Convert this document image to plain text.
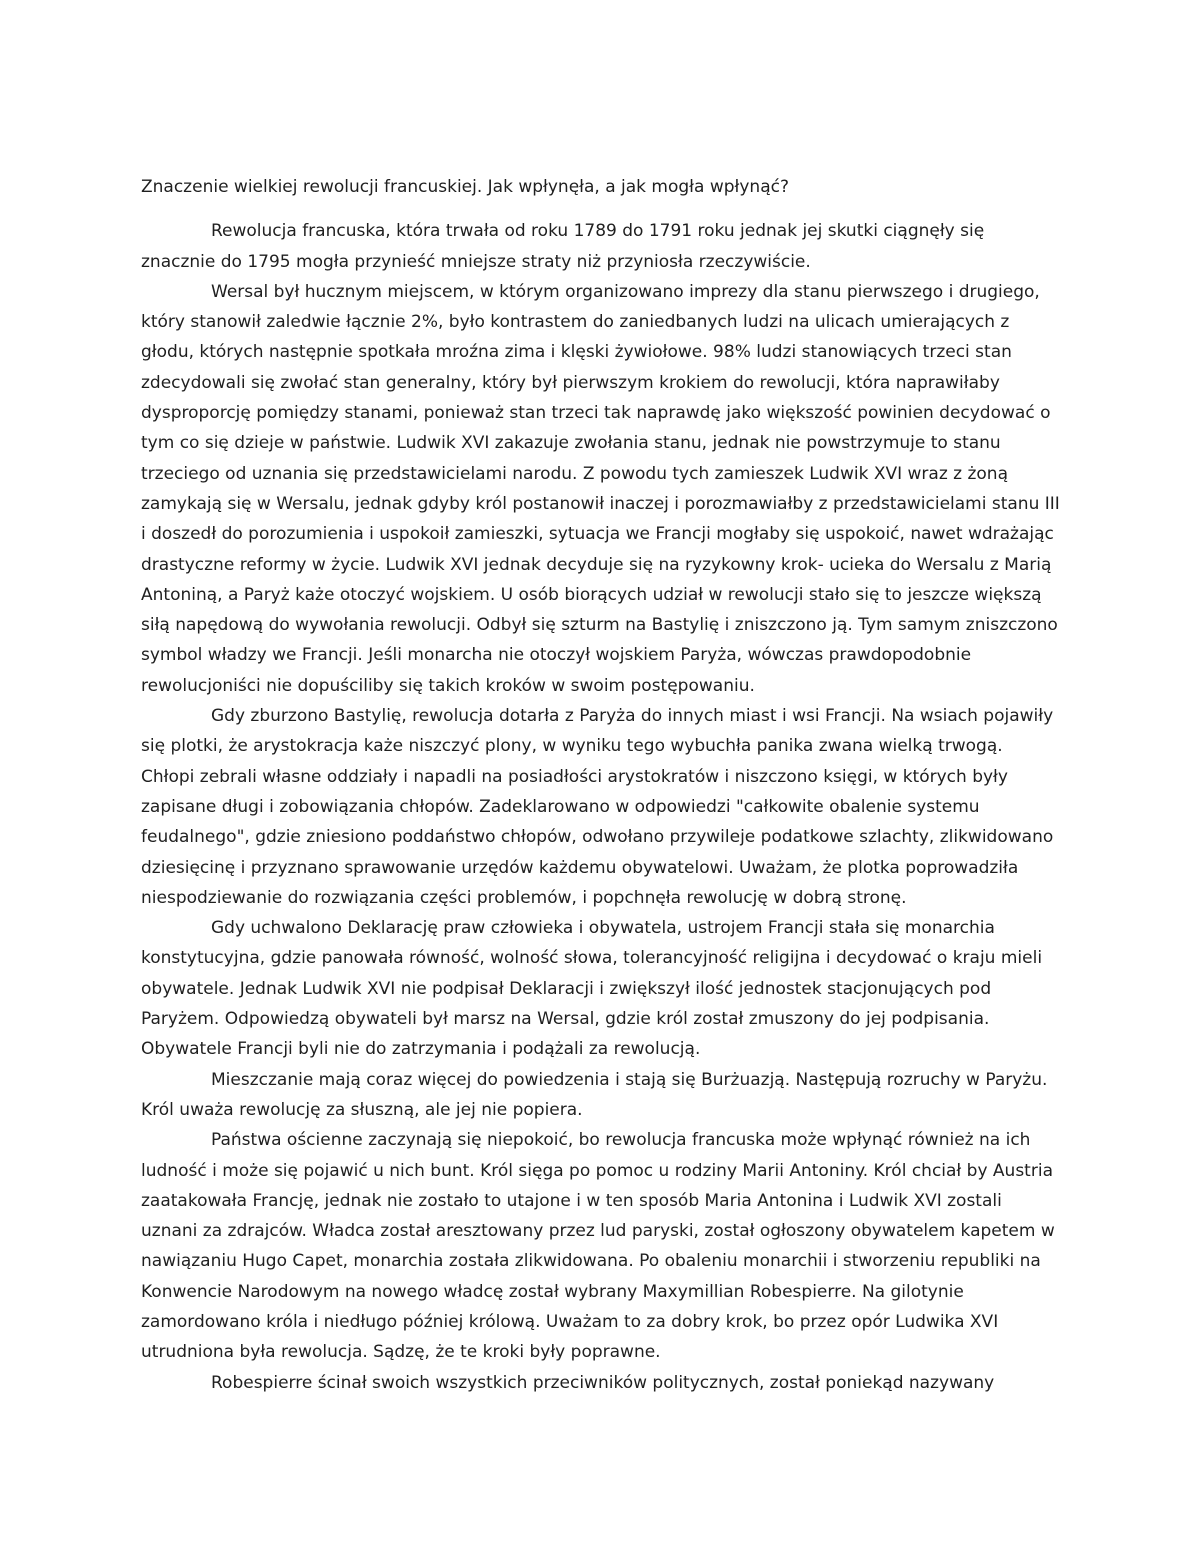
Znaczenie wielkiej rewolucji francuskiej. Jak wpłynęła, a jak mogła wpłynąć?

Rewolucja francuska, która trwała od roku 1789 do 1791 roku jednak jej skutki ciągnęły się znacznie do 1795 mogła przynieść mniejsze straty niż przyniosła rzeczywiście.

Wersal był hucznym miejscem, w którym organizowano imprezy dla stanu pierwszego i drugiego, który stanowił zaledwie łącznie 2%, było kontrastem do zaniedbanych ludzi na ulicach umierających z głodu, których następnie spotkała mroźna zima i klęski żywiołowe. 98% ludzi stanowiących trzeci stan zdecydowali się zwołać stan generalny, który był pierwszym krokiem do rewolucji, która naprawiłaby dysproporcję pomiędzy stanami, ponieważ stan trzeci tak naprawdę jako większość powinien decydować o tym co się dzieje w państwie. Ludwik XVI zakazuje zwołania stanu, jednak nie powstrzymuje to stanu trzeciego od uznania się przedstawicielami narodu. Z powodu tych zamieszek Ludwik XVI wraz z żoną zamykają się w Wersalu, jednak gdyby król postanowił inaczej i porozmawiałby z przedstawicielami stanu III i doszedł do porozumienia i uspokoił zamieszki, sytuacja we Francji mogłaby się uspokoić, nawet wdrażając drastyczne reformy w życie. Ludwik XVI jednak decyduje się na ryzykowny krok- ucieka do Wersalu z Marią Antoniną, a Paryż każe otoczyć wojskiem. U osób biorących udział w rewolucji stało się to jeszcze większą siłą napędową do wywołania rewolucji. Odbył się szturm na Bastylię i zniszczono ją. Tym samym zniszczono symbol władzy we Francji. Jeśli monarcha nie otoczył wojskiem Paryża, wówczas prawdopodobnie rewolucjoniści nie dopuściliby się takich kroków w swoim postępowaniu.

Gdy zburzono Bastylię, rewolucja dotarła z Paryża do innych miast i wsi Francji. Na wsiach pojawiły się plotki, że arystokracja każe niszczyć plony, w wyniku tego wybuchła panika zwana wielką trwogą. Chłopi zebrali własne oddziały i napadli na posiadłości arystokratów i niszczono księgi, w których były zapisane długi i zobowiązania chłopów. Zadeklarowano w odpowiedzi "całkowite obalenie systemu feudalnego", gdzie zniesiono poddaństwo chłopów, odwołano przywileje podatkowe szlachty, zlikwidowano dziesięcinę i przyznano sprawowanie urzędów każdemu obywatelowi. Uważam, że plotka poprowadziła niespodziewanie do rozwiązania części problemów, i popchnęła rewolucję w dobrą stronę.

Gdy uchwalono Deklarację praw człowieka i obywatela, ustrojem Francji stała się monarchia konstytucyjna, gdzie panowała równość, wolność słowa, tolerancyjność religijna i decydować o kraju mieli obywatele. Jednak Ludwik XVI nie podpisał Deklaracji i zwiększył ilość jednostek stacjonujących pod Paryżem. Odpowiedzą obywateli był marsz na Wersal, gdzie król został zmuszony do jej podpisania. Obywatele Francji byli nie do zatrzymania i podążali za rewolucją.

Mieszczanie mają coraz więcej do powiedzenia i stają się Burżuazją. Następują rozruchy w Paryżu. Król uważa rewolucję za słuszną, ale jej nie popiera.

Państwa ościenne zaczynają się niepokoić, bo rewolucja francuska może wpłynąć również na ich ludność i może się pojawić u nich bunt. Król sięga po pomoc u rodziny Marii Antoniny. Król chciał by Austria zaatakowała Francję, jednak nie zostało to utajone i w ten sposób Maria Antonina i Ludwik XVI zostali uznani za zdrajców. Władca został aresztowany przez lud paryski, został ogłoszony obywatelem kapetem w nawiązaniu Hugo Capet, monarchia została zlikwidowana. Po obaleniu monarchii i stworzeniu republiki na Konwencie Narodowym na nowego władcę został wybrany Maxymillian Robespierre. Na gilotynie zamordowano króla i niedługo później królową. Uważam to za dobry krok, bo przez opór Ludwika XVI utrudniona była rewolucja. Sądzę, że te kroki były poprawne.

Robespierre ścinał swoich wszystkich przeciwników politycznych, został poniekąd nazywany
